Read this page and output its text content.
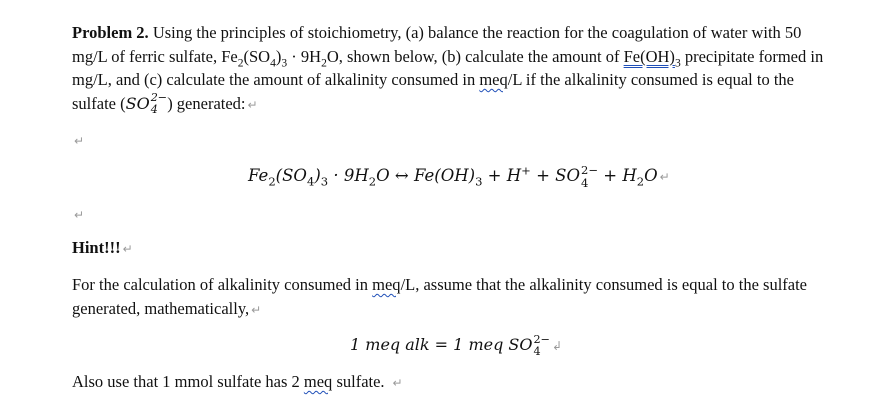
Problem 2. Using the principles of stoichiometry, (a) balance the reaction for the coagulation of water with 50 mg/L of ferric sulfate, $Fe_2(SO_4)_3 \cdot 9H_2O$, shown below, (b) calculate the amount of $Fe(OH)_3$ precipitate formed in mg/L, and (c) calculate the amount of alkalinity consumed in meq/L if the alkalinity consumed is equal to the sulfate (SO 2−
4 ) generated: ↵

↵

$Fe_2(SO_4)_3 \cdot 9H_2O$ ↔ $Fe(OH)_3 + H^+$ + SO 2−
$4 + H_2O$ ↵

↵

Hint!!! ↵

For the calculation of alkalinity consumed in meq/L, assume that the alkalinity consumed is equal to the sulfate generated, mathematically, ↵

1 meq alk = 1 meq SO 2−
4 ↲

Also use that 1 mmol sulfate has 2 meq sulfate. ↵
